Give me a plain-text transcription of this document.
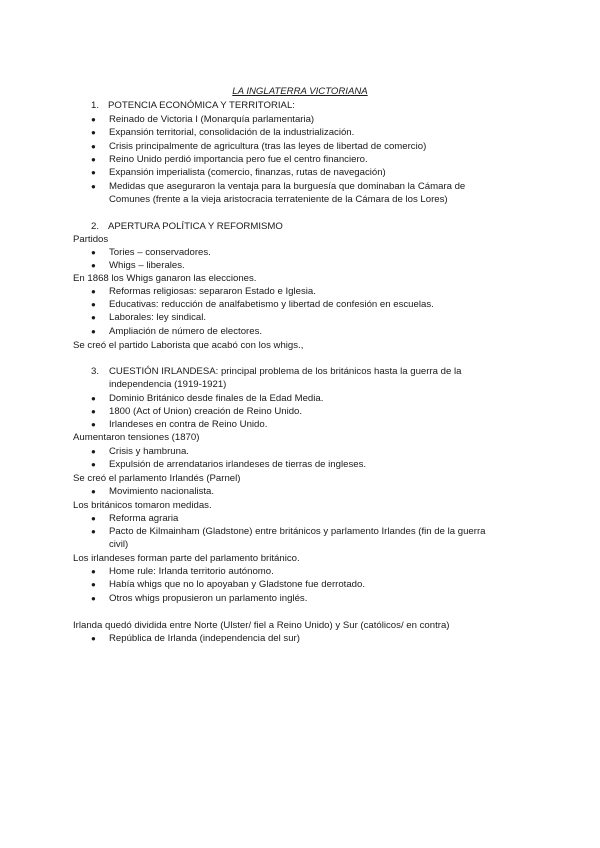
LA INGLATERRA VICTORIANA
1. POTENCIA ECONÓMICA Y TERRITORIAL:
● Reinado de Victoria I (Monarquía parlamentaria)
● Expansión territorial, consolidación de la industrialización.
● Crisis principalmente de agricultura (tras las leyes de libertad de comercio)
● Reino Unido perdió importancia pero fue el centro financiero.
● Expansión imperialista (comercio, finanzas, rutas de navegación)
● Medidas que aseguraron la ventaja para la burguesía que dominaban la Cámara de Comunes (frente a la vieja aristocracia terrateniente de la Cámara de los Lores)
2. APERTURA POLÍTICA Y REFORMISMO
Partidos
● Tories – conservadores.
● Whigs – liberales.
En 1868 los Whigs ganaron las elecciones.
● Reformas religiosas: separaron Estado e Iglesia.
● Educativas: reducción de analfabetismo y libertad de confesión en escuelas.
● Laborales: ley sindical.
● Ampliación de número de electores.
Se creó el partido Laborista que acabó con los whigs.,
3.	CUESTIÓN IRLANDESA: principal problema de los británicos hasta la guerra de la independencia (1919-1921)
● Dominio Británico desde finales de la Edad Media.
● 1800 (Act of Union) creación de Reino Unido.
● Irlandeses en contra de Reino Unido.
Aumentaron tensiones (1870)
● Crisis y hambruna.
● Expulsión de arrendatarios irlandeses de tierras de ingleses.
Se creó el parlamento Irlandés (Parnel)
● Movimiento nacionalista.
Los británicos tomaron medidas.
● Reforma agraria
● Pacto de Kilmainham (Gladstone) entre británicos y parlamento Irlandes (fin de la guerra civil)
Los irlandeses forman parte del parlamento británico.
● Home rule: Irlanda territorio autónomo.
● Había whigs que no lo apoyaban y Gladstone fue derrotado.
● Otros whigs propusieron un parlamento inglés.
Irlanda quedó dividida entre Norte (Ulster/ fiel a Reino Unido) y Sur (católicos/ en contra)
● República de Irlanda (independencia del sur)
